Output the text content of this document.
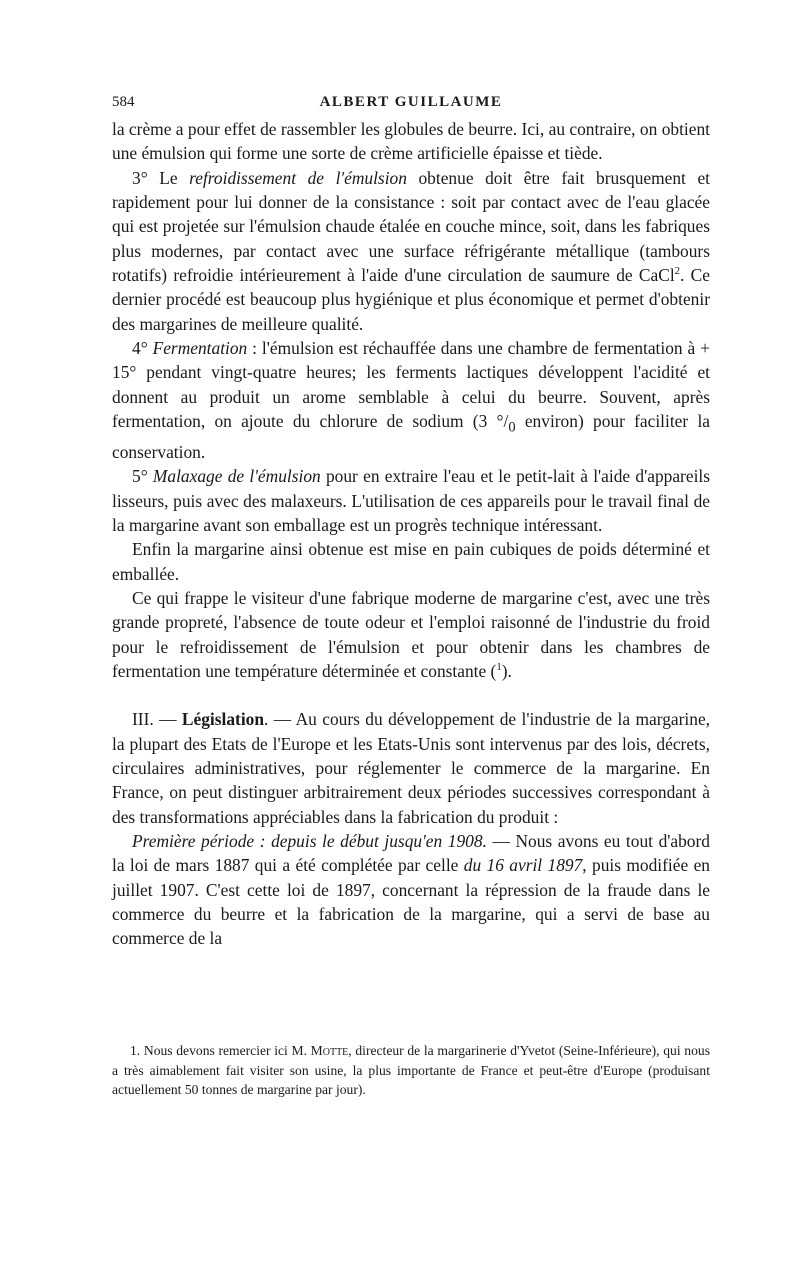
584	ALBERT GUILLAUME

la crème a pour effet de rassembler les globules de beurre. Ici, au contraire, on obtient une émulsion qui forme une sorte de crème artificielle épaisse et tiède.

3° Le refroidissement de l'émulsion obtenue doit être fait brusquement et rapidement pour lui donner de la consistance : soit par contact avec de l'eau glacée qui est projetée sur l'émulsion chaude étalée en couche mince, soit, dans les fabriques plus modernes, par contact avec une surface réfrigérante métallique (tambours rotatifs) refroidie intérieurement à l'aide d'une circulation de saumure de CaCl$^2$. Ce dernier procédé est beaucoup plus hygiénique et plus économique et permet d'obtenir des margarines de meilleure qualité.

4° Fermentation : l'émulsion est réchauffée dans une chambre de fermentation à + 15° pendant vingt-quatre heures; les ferments lactiques développent l'acidité et donnent au produit un arome semblable à celui du beurre. Souvent, après fermentation, on ajoute du chlorure de sodium (3 $^\circ/_0$ environ) pour faciliter la conservation.

5° Malaxage de l'émulsion pour en extraire l'eau et le petit-lait à l'aide d'appareils lisseurs, puis avec des malaxeurs. L'utilisation de ces appareils pour le travail final de la margarine avant son emballage est un progrès technique intéressant.

Enfin la margarine ainsi obtenue est mise en pain cubiques de poids déterminé et emballée.

Ce qui frappe le visiteur d'une fabrique moderne de margarine c'est, avec une très grande propreté, l'absence de toute odeur et l'emploi raisonné de l'industrie du froid pour le refroidissement de l'émulsion et pour obtenir dans les chambres de fermentation une température déterminée et constante ($^1$).

III. — Législation. — Au cours du développement de l'industrie de la margarine, la plupart des Etats de l'Europe et les Etats-Unis sont intervenus par des lois, décrets, circulaires administratives, pour réglementer le commerce de la margarine. En France, on peut distinguer arbitrairement deux périodes successives correspondant à des transformations appréciables dans la fabrication du produit :

Première période : depuis le début jusqu'en 1908. — Nous avons eu tout d'abord la loi de mars 1887 qui a été complétée par celle du 16 avril 1897, puis modifiée en juillet 1907. C'est cette loi de 1897, concernant la répression de la fraude dans le commerce du beurre et la fabrication de la margarine, qui a servi de base au commerce de la

1. Nous devons remercier ici M. Motte, directeur de la margarinerie d'Yvetot (Seine-Inférieure), qui nous a très aimablement fait visiter son usine, la plus importante de France et peut-être d'Europe (produisant actuellement 50 tonnes de margarine par jour).
